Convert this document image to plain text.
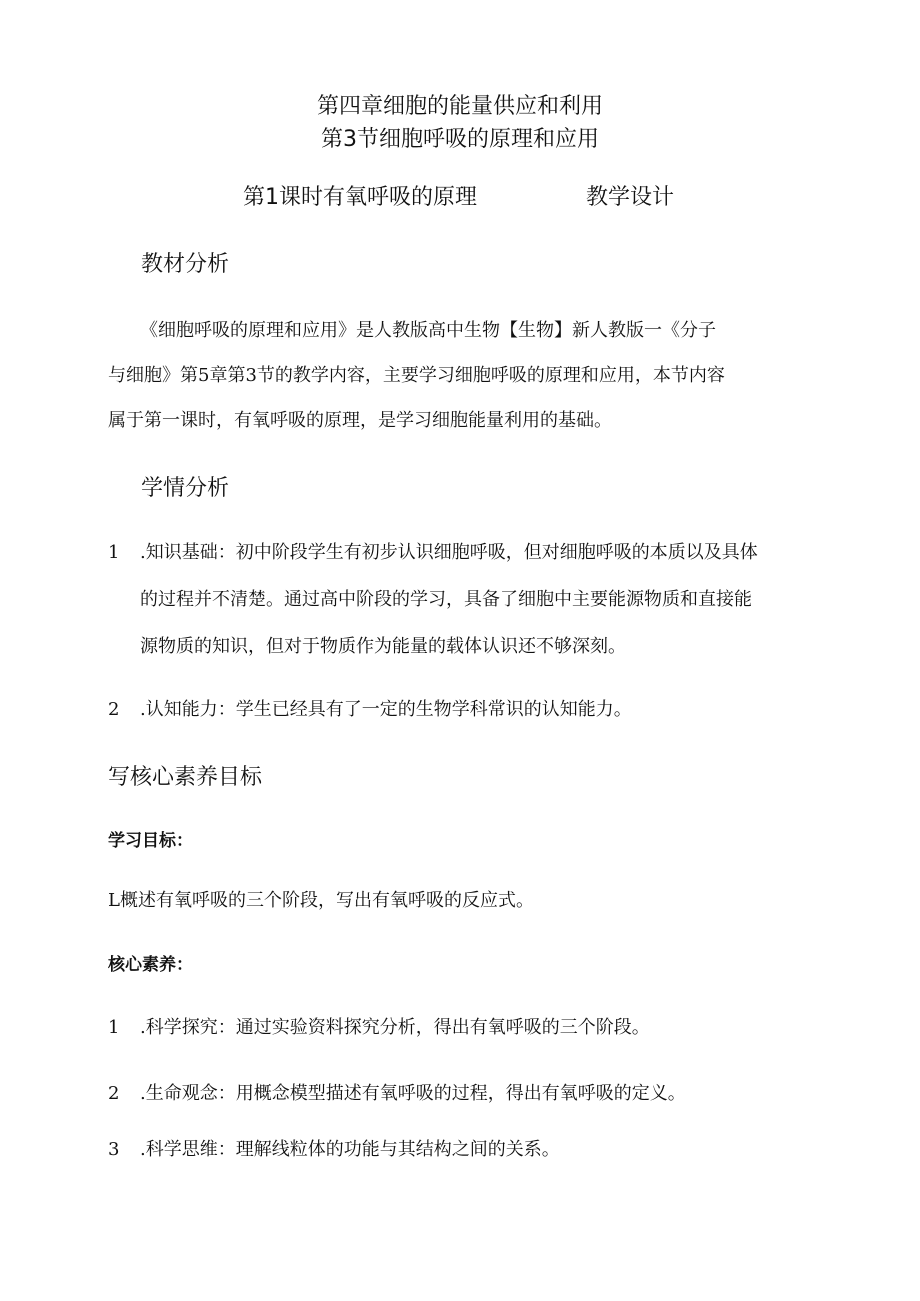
第四章细胞的能量供应和利用
第3节细胞呼吸的原理和应用
第1课时有氧呼吸的原理	教学设计
教材分析
《细胞呼吸的原理和应用》是人教版高中生物【生物】新人教版一《分子
与细胞》第5章第3节的教学内容，主要学习细胞呼吸的原理和应用，本节内容
属于第一课时，有氧呼吸的原理，是学习细胞能量利用的基础。
学情分析
1 .知识基础：初中阶段学生有初步认识细胞呼吸，但对细胞呼吸的本质以及具体
的过程并不清楚。通过高中阶段的学习，具备了细胞中主要能源物质和直接能
源物质的知识，但对于物质作为能量的载体认识还不够深刻。
2 .认知能力：学生已经具有了一定的生物学科常识的认知能力。
写核心素养目标
学习目标：
L概述有氧呼吸的三个阶段，写出有氧呼吸的反应式。
核心素养：
1 .科学探究：通过实验资料探究分析，得出有氧呼吸的三个阶段。
2 .生命观念：用概念模型描述有氧呼吸的过程，得出有氧呼吸的定义。
3 .科学思维：理解线粒体的功能与其结构之间的关系。
